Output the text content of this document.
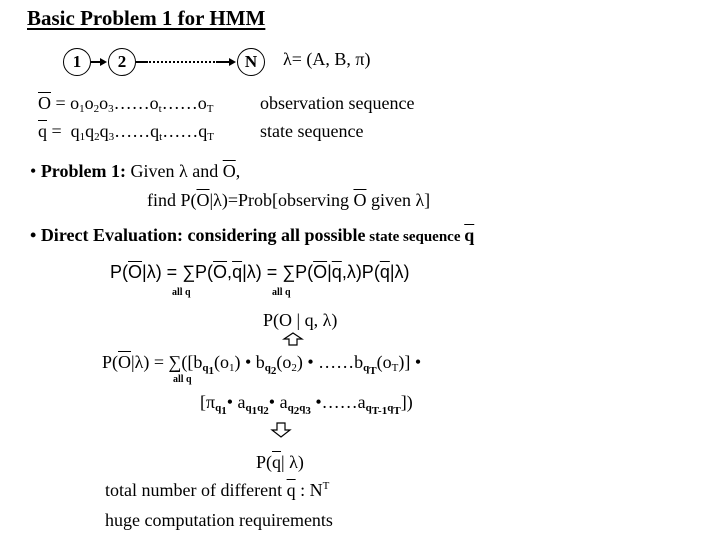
Basic Problem 1 for HMM
1	2	N	λ= (A, B, π)
$\overline{O}$ = $o_1o_2o_3\dots\dots o_t\dots\dots o_T$	observation sequence
$\overline{q}$ =  $q_1q_2q_3\dots\dots q_t\dots\dots q_T$	state sequence
• Problem 1: Given λ and $\overline{O}$,
find $P(\overline{O}|\lambda)=Prob[observing$ $\overline{O}$ given λ]
• Direct Evaluation: considering all possible state sequence $\overline{q}$
$P(\overline{O}|\lambda) = \sum P(\overline{O},\overline{q}|\lambda) = \sum P(\overline{O}|\overline{q},\lambda)P(\overline{q}|\lambda)$
all q	all q
P(O | q, λ)
$P(\overline{O}|\lambda) = \sum([b_{q_1}(o_1)$ • $b_{q_2}(o_2)$ • $\dots\dots b_{q_T}(o_T)$] •
all q
[$\pi_{q_1}•$ $a_{q_1q_2}•$ $a_{q_2q_3}$ $•\dots\dots a_{q_{T-1}q_T}$])
$P(\overline{q}|$ λ)
total number of different $\overline{q}$ : $N^T$
huge computation requirements
